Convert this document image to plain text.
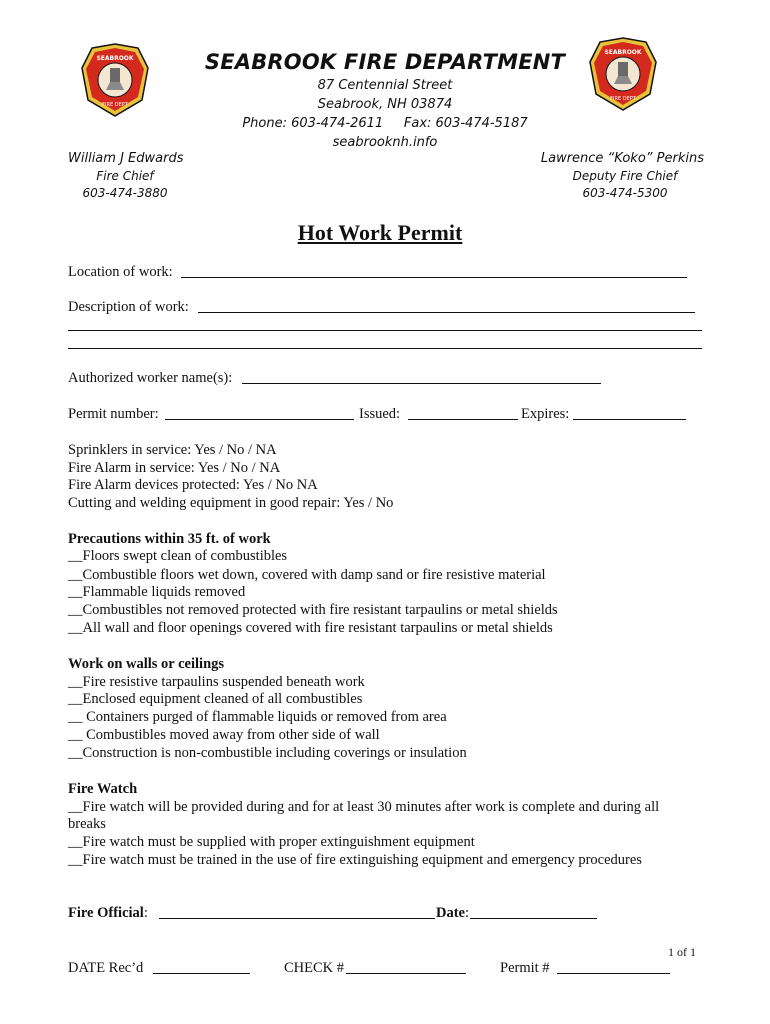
SEABROOK
FIRE DEPT
SEABROOK
FIRE DEPT
SEABROOK FIRE DEPARTMENT
87 Centennial Street
Seabrook, NH 03874
Phone: 603-474-2611 Fax: 603-474-5187
seabrooknh.info
William J Edwards
Fire Chief
603-474-3880
Lawrence “Koko” Perkins
Deputy Fire Chief
603-474-5300
Hot Work Permit
Location of work:
Description of work:
Authorized worker name(s):
Permit number:	Issued:	Expires:
Sprinklers in service: Yes / No / NA
Fire Alarm in service: Yes / No / NA
Fire Alarm devices protected: Yes / No NA
Cutting and welding equipment in good repair: Yes / No
Precautions within 35 ft. of work
__Floors swept clean of combustibles
__Combustible floors wet down, covered with damp sand or fire resistive material
__Flammable liquids removed
__Combustibles not removed protected with fire resistant tarpaulins or metal shields
__All wall and floor openings covered with fire resistant tarpaulins or metal shields
Work on walls or ceilings
__Fire resistive tarpaulins suspended beneath work
__Enclosed equipment cleaned of all combustibles
__ Containers purged of flammable liquids or removed from area
__ Combustibles moved away from other side of wall
__Construction is non-combustible including coverings or insulation
Fire Watch
__Fire watch will be provided during and for at least 30 minutes after work is complete and during all
breaks
__Fire watch must be supplied with proper extinguishment equipment
__Fire watch must be trained in the use of fire extinguishing equipment and emergency procedures
Fire Official:	Date:
1 of 1
DATE Rec’d	CHECK #	Permit #
